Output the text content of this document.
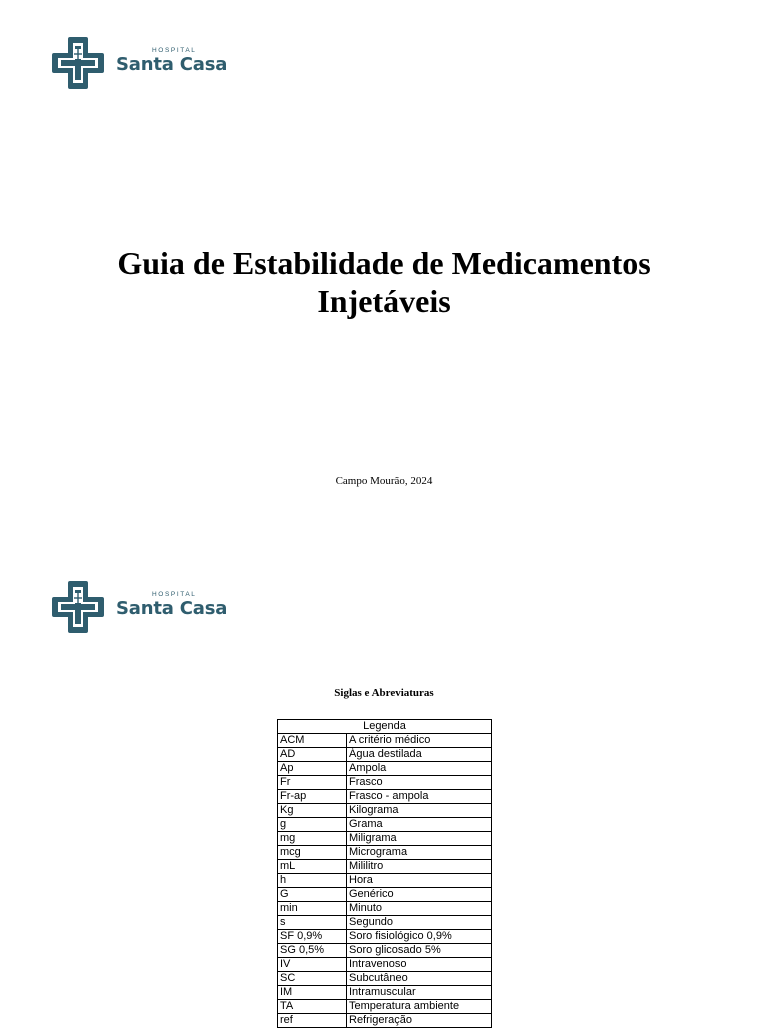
HOSPITAL
Santa Casa
Guia de Estabilidade de Medicamentos
Injetáveis
Campo Mourão, 2024
HOSPITAL
Santa Casa
Siglas e Abreviaturas
Legenda	
ACM	A critério médico
AD	Água destilada
Ap	Ampola
Fr	Frasco
Fr-ap	Frasco - ampola
Kg	Kilograma
g	Grama
mg	Miligrama
mcg	Micrograma
mL	Mililitro
h	Hora
G	Genérico
min	Minuto
s	Segundo
SF 0,9%	Soro fisiológico 0,9%
SG 0,5%	Soro glicosado 5%
IV	Intravenoso
SC	Subcutâneo
IM	Intramuscular
TA	Temperatura ambiente
ref	Refrigeração
